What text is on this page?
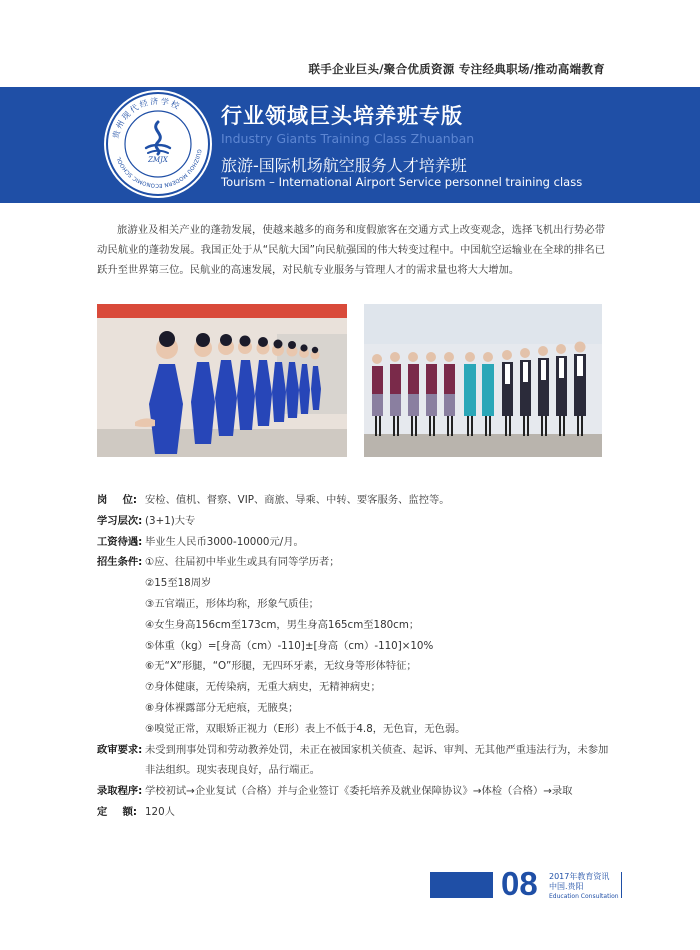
联手企业巨头/聚合优质资源 专注经典职场/推动高端教育
贵州现代经济学校
GUIZHOU MODERN ECONOMIC SCHOOL	ZMJX
行业领域巨头培养班专版
Industry Giants Training Class Zhuanban
旅游-国际机场航空服务人才培养班
Tourism – International Airport Service personnel training class

旅游业及相关产业的蓬勃发展，使越来越多的商务和度假旅客在交通方式上改变观念，选择飞机出行势必带动民航业的蓬勃发展。我国正处于从“民航大国”向民航强国的伟大转变过程中。中国航空运输业在全球的排名已跃升至世界第三位。民航业的高速发展，对民航专业服务与管理人才的需求量也将大大增加。

岗 位: 安检、值机、督察、VIP、商旅、导乘、中转、要客服务、监控等。
学习层次: (3+1)大专
工资待遇: 毕业生人民币3000-10000元/月。
招生条件: ①应、往届初中毕业生或具有同等学历者；
②15至18周岁
③五官端正，形体均称，形象气质佳；
④女生身高156cm至173cm，男生身高165cm至180cm；
⑤体重（kg）=[身高（cm）-110]±[身高（cm）-110]×10%
⑥无“X”形腿，“O”形腿，无四环牙素，无纹身等形体特征；
⑦身体健康，无传染病，无重大病史，无精神病史；
⑧身体裸露部分无疤痕，无腋臭；
⑨嗅觉正常，双眼矫正视力（E形）表上不低于4.8，无色盲，无色弱。
政审要求: 未受到刑事处罚和劳动教养处罚，未正在被国家机关侦查、起诉、审判、无其他严重违法行为，未参加非法组织。现实表现良好，品行端正。
录取程序: 学校初试→企业复试（合格）并与企业签订《委托培养及就业保障协议》→体检（合格）→录取
定 额: 120人
08 2017年教育资讯
中国.贵阳
Education Consultation
